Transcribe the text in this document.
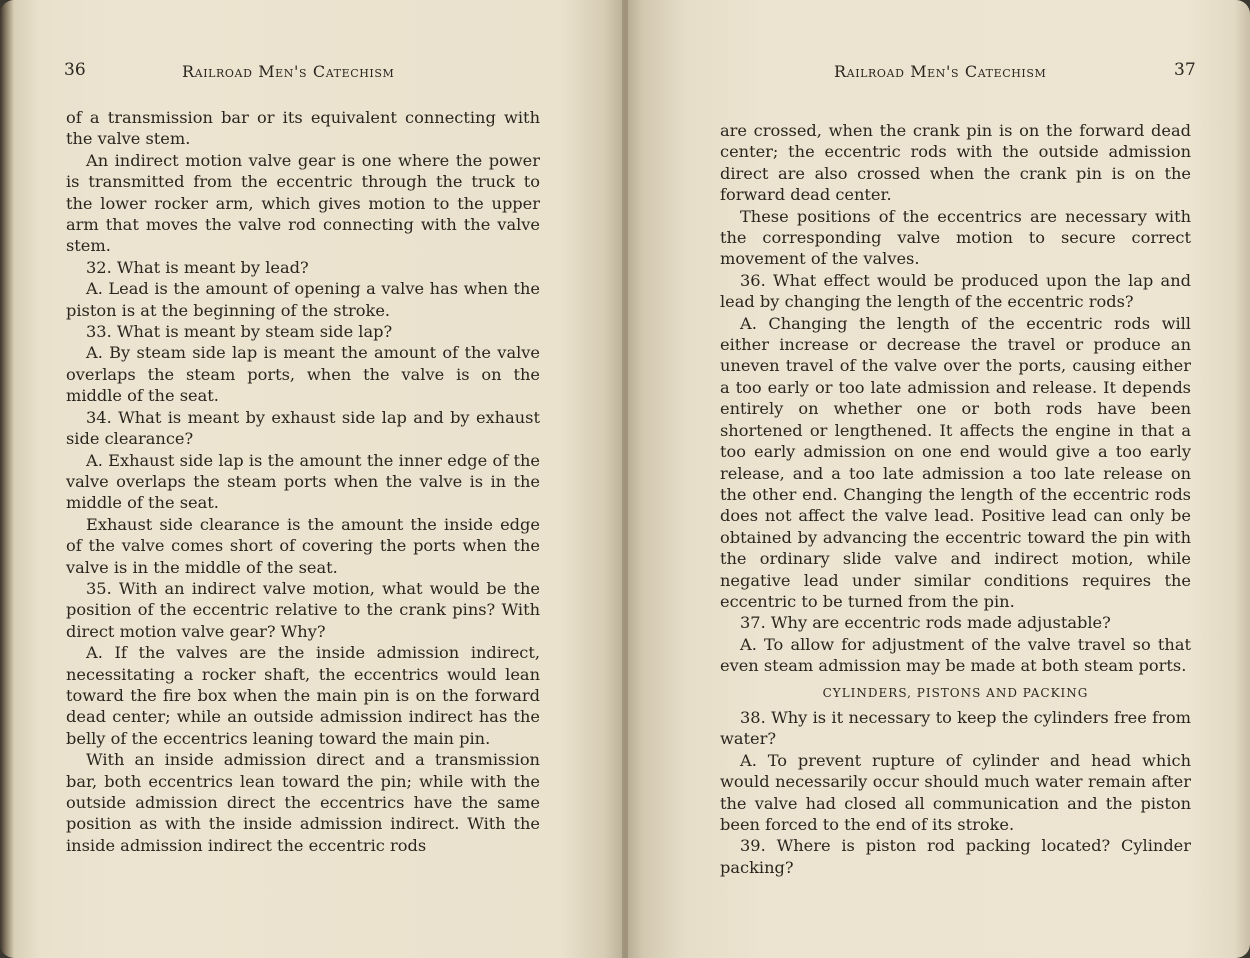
36	Railroad Men's Catechism

of a transmission bar or its equivalent connecting with the valve stem.

An indirect motion valve gear is one where the power is transmitted from the eccentric through the truck to the lower rocker arm, which gives motion to the upper arm that moves the valve rod connecting with the valve stem.

32. What is meant by lead?

A. Lead is the amount of opening a valve has when the piston is at the beginning of the stroke.

33. What is meant by steam side lap?

A. By steam side lap is meant the amount of the valve overlaps the steam ports, when the valve is on the middle of the seat.

34. What is meant by exhaust side lap and by exhaust side clearance?

A. Exhaust side lap is the amount the inner edge of the valve overlaps the steam ports when the valve is in the middle of the seat.

Exhaust side clearance is the amount the inside edge of the valve comes short of covering the ports when the valve is in the middle of the seat.

35. With an indirect valve motion, what would be the position of the eccentric relative to the crank pins? With direct motion valve gear? Why?

A. If the valves are the inside admission indirect, necessitating a rocker shaft, the eccentrics would lean toward the fire box when the main pin is on the forward dead center; while an outside admission indirect has the belly of the eccentrics leaning toward the main pin.

With an inside admission direct and a transmission bar, both eccentrics lean toward the pin; while with the outside admission direct the eccentrics have the same position as with the inside admission indirect. With the inside admission indirect the eccentric rods

Railroad Men's Catechism	37

are crossed, when the crank pin is on the forward dead center; the eccentric rods with the outside admission direct are also crossed when the crank pin is on the forward dead center.

These positions of the eccentrics are necessary with the corresponding valve motion to secure correct movement of the valves.

36. What effect would be produced upon the lap and lead by changing the length of the eccentric rods?

A. Changing the length of the eccentric rods will either increase or decrease the travel or produce an uneven travel of the valve over the ports, causing either a too early or too late admission and release. It depends entirely on whether one or both rods have been shortened or lengthened. It affects the engine in that a too early admission on one end would give a too early release, and a too late admission a too late release on the other end. Changing the length of the eccentric rods does not affect the valve lead. Positive lead can only be obtained by advancing the eccentric toward the pin with the ordinary slide valve and indirect motion, while negative lead under similar conditions requires the eccentric to be turned from the pin.

37. Why are eccentric rods made adjustable?

A. To allow for adjustment of the valve travel so that even steam admission may be made at both steam ports.

CYLINDERS, PISTONS AND PACKING

38. Why is it necessary to keep the cylinders free from water?

A. To prevent rupture of cylinder and head which would necessarily occur should much water remain after the valve had closed all communication and the piston been forced to the end of its stroke.

39. Where is piston rod packing located? Cylinder packing?
